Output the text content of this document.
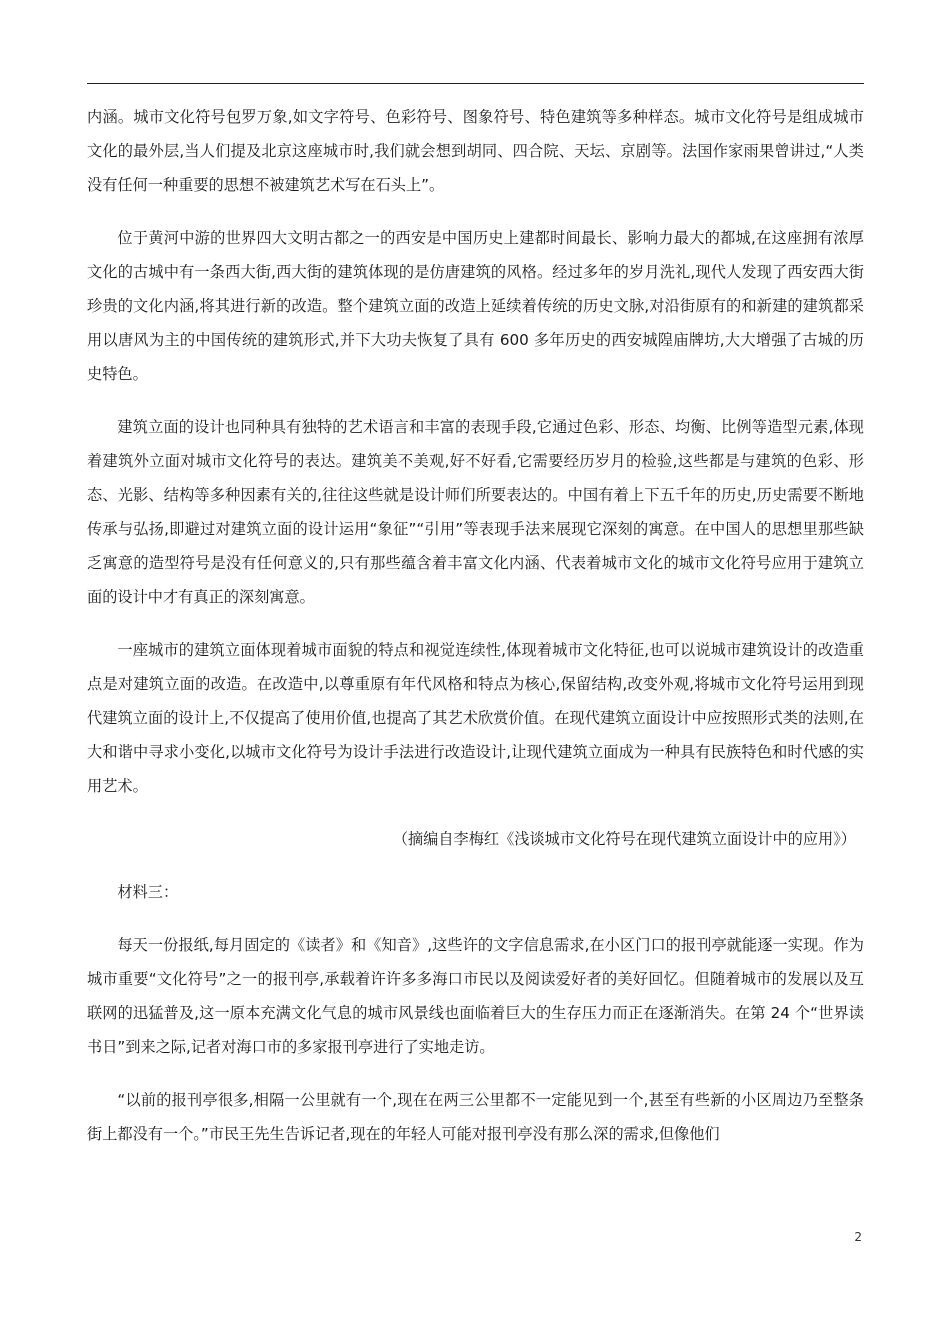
内涵。城市文化符号包罗万象,如文字符号、色彩符号、图象符号、特色建筑等多种样态。城市文化符号是组成城市文化的最外层,当人们提及北京这座城市时,我们就会想到胡同、四合院、天坛、京剧等。法国作家雨果曾讲过,“人类没有任何一种重要的思想不被建筑艺术写在石头上”。

位于黄河中游的世界四大文明古都之一的西安是中国历史上建都时间最长、影响力最大的都城,在这座拥有浓厚文化的古城中有一条西大街,西大街的建筑体现的是仿唐建筑的风格。经过多年的岁月洗礼,现代人发现了西安西大街珍贵的文化内涵,将其进行新的改造。整个建筑立面的改造上延续着传统的历史文脉,对沿街原有的和新建的建筑都采用以唐风为主的中国传统的建筑形式,并下大功夫恢复了具有 600 多年历史的西安城隍庙牌坊,大大增强了古城的历史特色。

建筑立面的设计也同种具有独特的艺术语言和丰富的表现手段,它通过色彩、形态、均衡、比例等造型元素,体现着建筑外立面对城市文化符号的表达。建筑美不美观,好不好看,它需要经历岁月的检验,这些都是与建筑的色彩、形态、光影、结构等多种因素有关的,往往这些就是设计师们所要表达的。中国有着上下五千年的历史,历史需要不断地传承与弘扬,即避过对建筑立面的设计运用“象征”“引用”等表现手法来展现它深刻的寓意。在中国人的思想里那些缺乏寓意的造型符号是没有任何意义的,只有那些蕴含着丰富文化内涵、代表着城市文化的城市文化符号应用于建筑立面的设计中才有真正的深刻寓意。

一座城市的建筑立面体现着城市面貌的特点和视觉连续性,体现着城市文化特征,也可以说城市建筑设计的改造重点是对建筑立面的改造。在改造中,以尊重原有年代风格和特点为核心,保留结构,改变外观,将城市文化符号运用到现代建筑立面的设计上,不仅提高了使用价值,也提高了其艺术欣赏价值。在现代建筑立面设计中应按照形式类的法则,在大和谐中寻求小变化,以城市文化符号为设计手法进行改造设计,让现代建筑立面成为一种具有民族特色和时代感的实用艺术。

（摘编自李梅红《浅谈城市文化符号在现代建筑立面设计中的应用》）

材料三：

每天一份报纸,每月固定的《读者》和《知音》,这些许的文字信息需求,在小区门口的报刊亭就能逐一实现。作为城市重要“文化符号”之一的报刊亭,承载着许许多多海口市民以及阅读爱好者的美好回忆。但随着城市的发展以及互联网的迅猛普及,这一原本充满文化气息的城市风景线也面临着巨大的生存压力而正在逐渐消失。在第 24 个“世界读书日”到来之际,记者对海口市的多家报刊亭进行了实地走访。

“以前的报刊亭很多,相隔一公里就有一个,现在在两三公里都不一定能见到一个,甚至有些新的小区周边乃至整条街上都没有一个。”市民王先生告诉记者,现在的年轻人可能对报刊亭没有那么深的需求,但像他们

2
